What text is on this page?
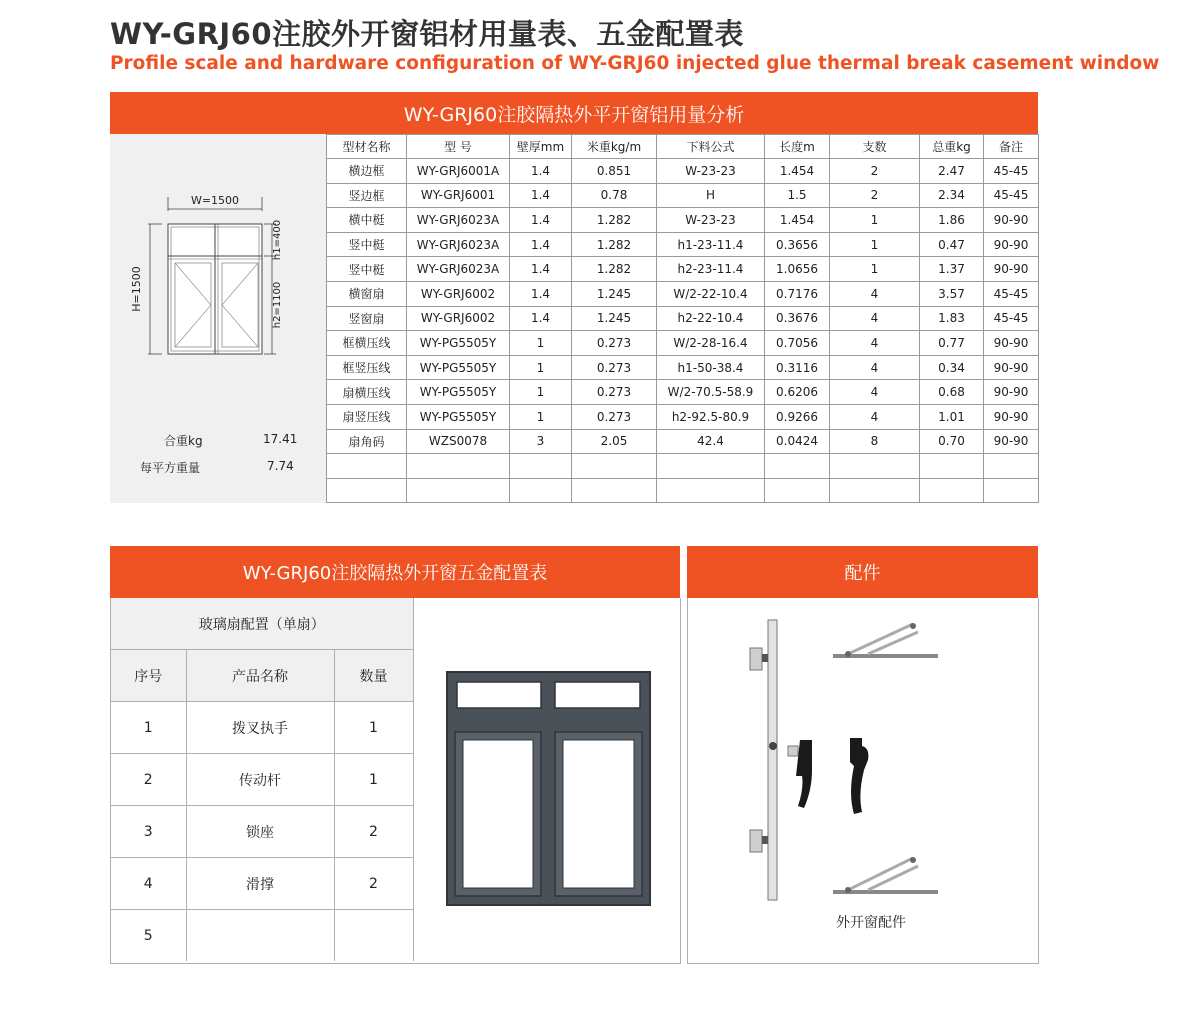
WY-GRJ60注胶外开窗铝材用量表、五金配置表
Profile scale and hardware configuration of WY-GRJ60 injected glue thermal break casement window
WY-GRJ60注胶隔热外平开窗铝用量分析
W=1500
H=1500
h1=400
h2=1100
合重kg	17.41
每平方重量	7.74
型材名称	型 号	壁厚mm	米重kg/m	下料公式	长度m	支数	总重kg	备注
横边框	WY-GRJ6001A	1.4	0.851	W-23-23	1.454	2	2.47	45-45
竖边框	WY-GRJ6001	1.4	0.78	H	1.5	2	2.34	45-45
横中梃	WY-GRJ6023A	1.4	1.282	W-23-23	1.454	1	1.86	90-90
竖中梃	WY-GRJ6023A	1.4	1.282	h1-23-11.4	0.3656	1	0.47	90-90
竖中梃	WY-GRJ6023A	1.4	1.282	h2-23-11.4	1.0656	1	1.37	90-90
横窗扇	WY-GRJ6002	1.4	1.245	W/2-22-10.4	0.7176	4	3.57	45-45
竖窗扇	WY-GRJ6002	1.4	1.245	h2-22-10.4	0.3676	4	1.83	45-45
框横压线	WY-PG5505Y	1	0.273	W/2-28-16.4	0.7056	4	0.77	90-90
框竖压线	WY-PG5505Y	1	0.273	h1-50-38.4	0.3116	4	0.34	90-90
扇横压线	WY-PG5505Y	1	0.273	W/2-70.5-58.9	0.6206	4	0.68	90-90
扇竖压线	WY-PG5505Y	1	0.273	h2-92.5-80.9	0.9266	4	1.01	90-90
扇角码	WZS0078	3	2.05	42.4	0.0424	8	0.70	90-90

WY-GRJ60注胶隔热外开窗五金配置表
玻璃扇配置（单扇）		
序号	产品名称	数量
1	拨叉执手	1
2	传动杆	1
3	锁座	2
4	滑撑	2
5		
配件
外开窗配件
